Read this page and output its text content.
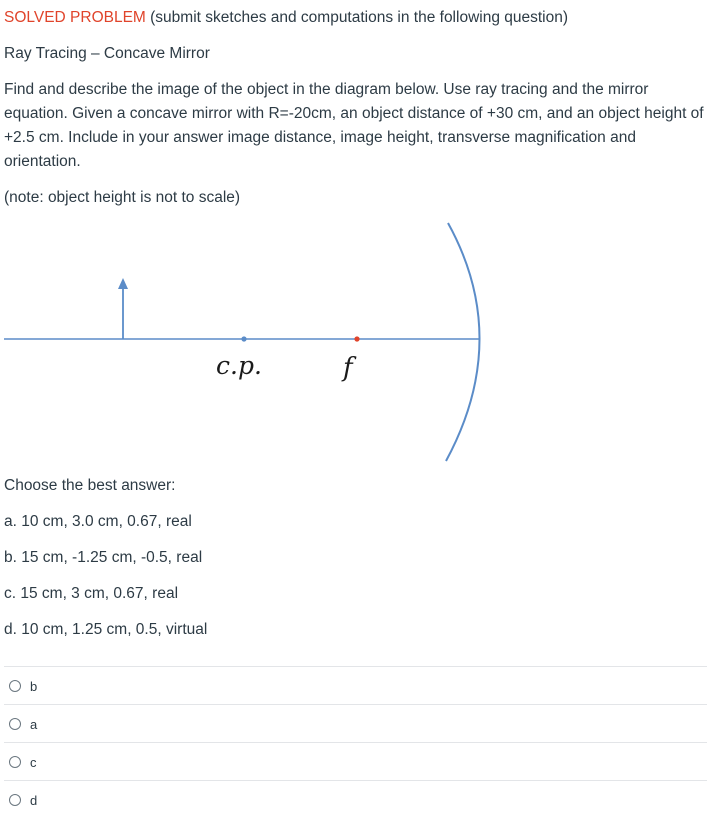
SOLVED PROBLEM (submit sketches and computations in the following question)
Ray Tracing – Concave Mirror
Find and describe the image of the object in the diagram below. Use ray tracing and the mirror equation. Given a concave mirror with R=-20cm, an object distance of +30 cm, and an object height of +2.5 cm. Include in your answer image distance, image height, transverse magnification and orientation.
(note: object height is not to scale)
c.p.	f
Choose the best answer:
a. 10 cm, 3.0 cm, 0.67, real
b. 15 cm, -1.25 cm, -0.5, real
c. 15 cm, 3 cm, 0.67, real
d. 10 cm, 1.25 cm, 0.5, virtual
b
a
c
d
